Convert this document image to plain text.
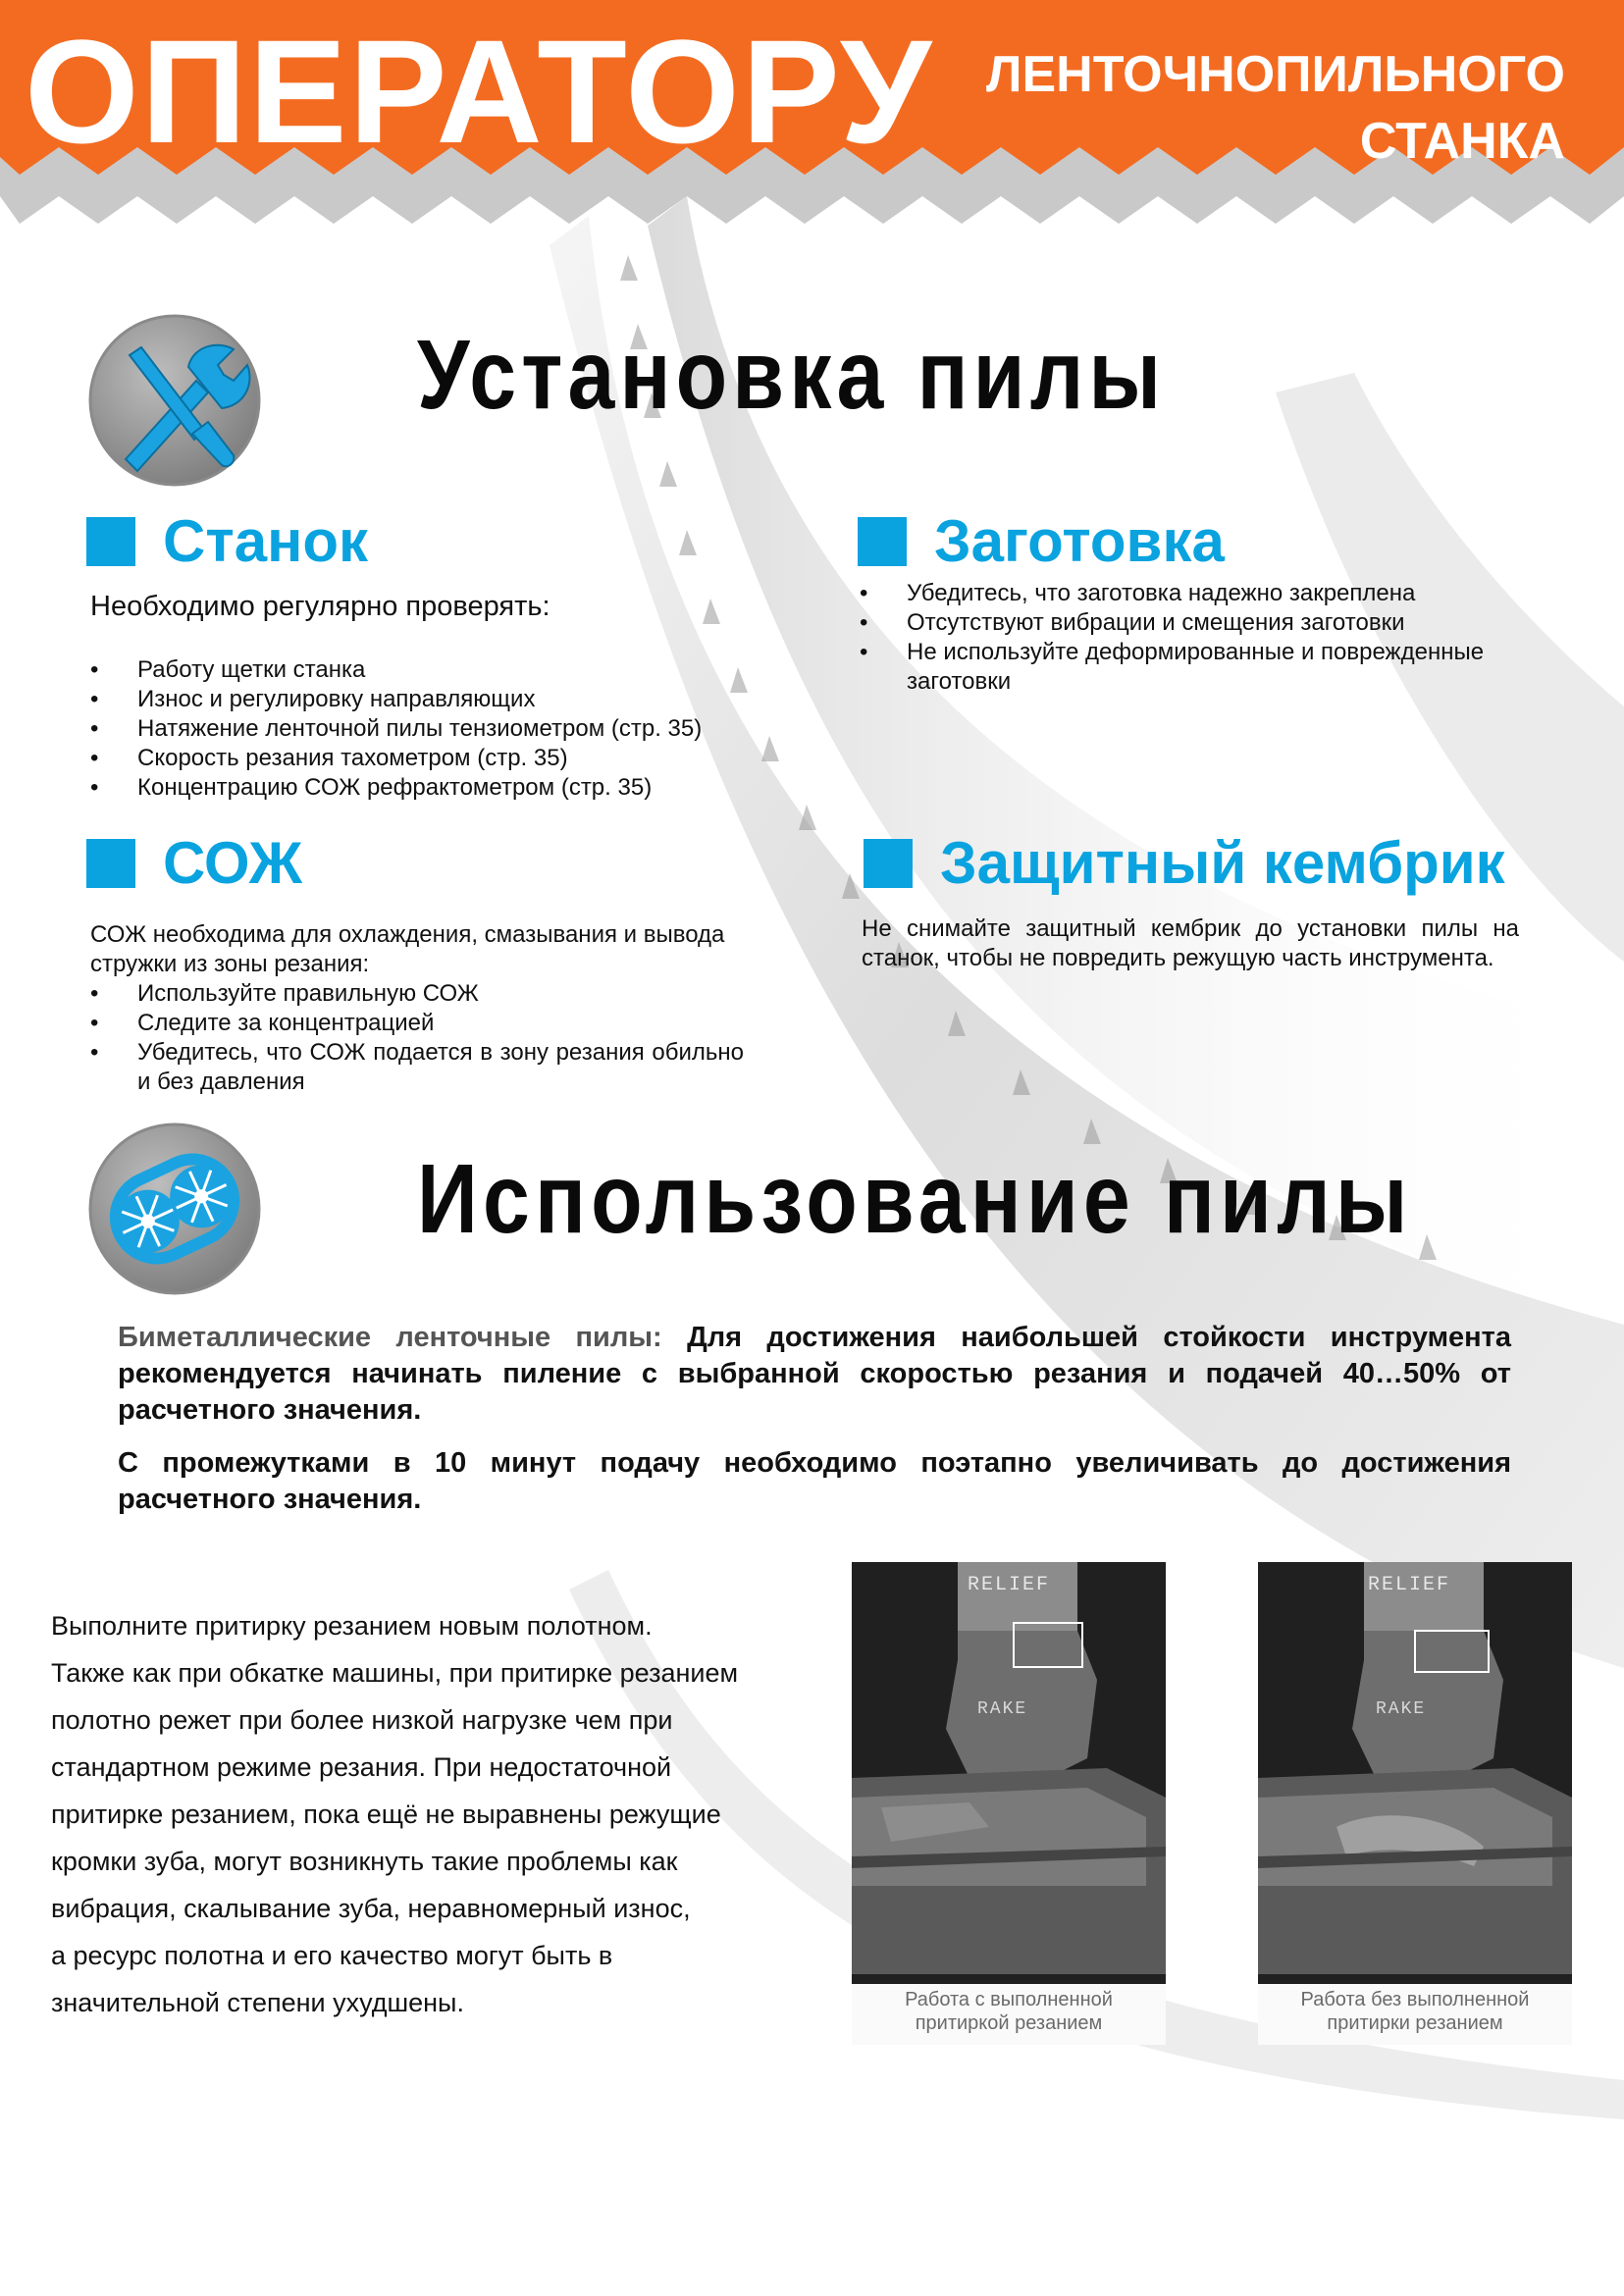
ОПЕРАТОРУ ЛЕНТОЧНОПИЛЬНОГО
СТАНКА
Установка пилы
Станок
Необходимо регулярно проверять:
• Работу щетки станка
• Износ и регулировку направляющих
• Натяжение ленточной пилы тензиометром (стр. 35)
• Скорость резания тахометром (стр. 35)
• Концентрацию СОЖ рефрактометром (стр. 35)
Заготовка
• Убедитесь, что заготовка надежно закреплена
• Отсутствуют вибрации и смещения заготовки
• Не используйте деформированные и поврежденные заготовки
СОЖ
СОЖ необходима для охлаждения, смазывания и вывода стружки из зоны резания:
• Используйте правильную СОЖ
• Следите за концентрацией
• Убедитесь, что СОЖ подается в зону резания обильно и без давления
Защитный кембрик
Не снимайте защитный кембрик до установки пилы на станок, чтобы не повредить режущую часть инструмента.
Использование пилы
Биметаллические ленточные пилы: Для достижения наибольшей стойкости инструмента рекомендуется начинать пиление с выбранной скоростью резания и подачей 40…50% от расчетного значения.
С промежутками в 10 минут подачу необходимо поэтапно увеличивать до достижения расчетного значения.
Выполните притирку резанием новым полотном.
Также как при обкатке машины, при притирке резанием
полотно режет при более низкой нагрузке чем при
стандартном режиме резания. При недостаточной
притирке резанием, пока ещё не выравнены режущие
кромки зуба, могут возникнуть такие проблемы как
вибрация, скалывание зуба, неравномерный износ,
а ресурс полотна и его качество могут быть в
значительной степени ухудшены.
RELIEF
RAKE
Работа с выполненной
притиркой резанием
RELIEF
RAKE
Работа без выполненной
притирки резанием
